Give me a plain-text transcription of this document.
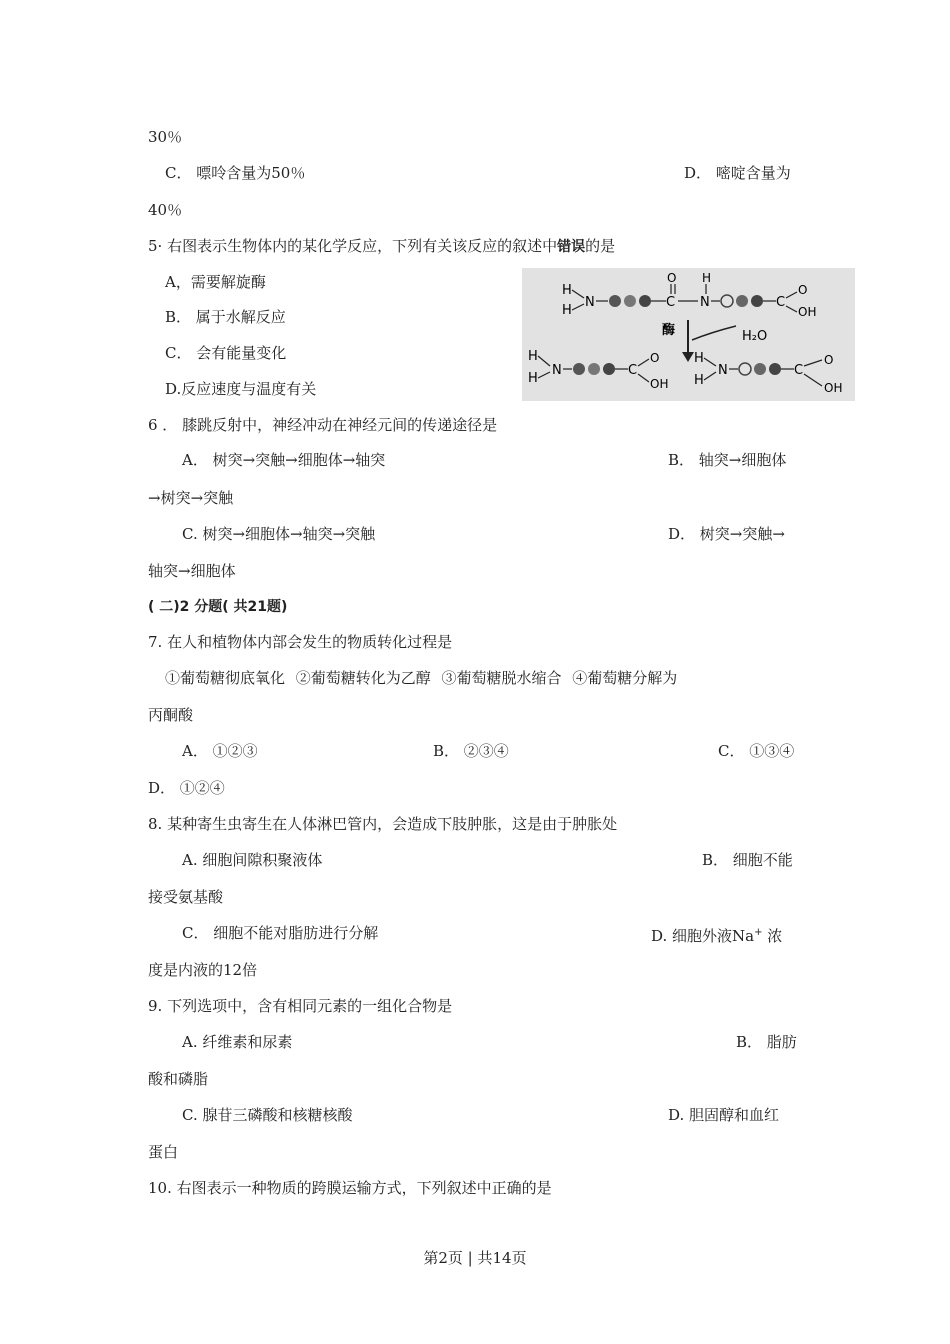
30％
C． 嘌呤含量为50％	D． 嘧啶含量为
40％
5· 右图表示生物体内的某化学反应，下列有关该反应的叙述中错误的是
A，需要解旋酶
B． 属于水解反应
C． 会有能量变化
D.反应速度与温度有关
H
H
N	C
O H
N	C
O
OH
酶	H₂O
H
H
N	C
O
OH
H
H
N	C
O
OH
6 ． 膝跳反射中，神经冲动在神经元间的传递途径是
A． 树突→突触→细胞体→轴突	B． 轴突→细胞体
→树突→突触
C. 树突→细胞体→轴突→突触	D． 树突→突触→
轴突→细胞体
( 二)2 分题( 共21题)
7. 在人和植物体内部会发生的物质转化过程是
①葡萄糖彻底氧化 ②葡萄糖转化为乙醇 ③葡萄糖脱水缩合 ④葡萄糖分解为
丙酮酸
A． ①②③	B． ②③④	C． ①③④
D． ①②④
8. 某种寄生虫寄生在人体淋巴管内，会造成下肢肿胀，这是由于肿胀处
A. 细胞间隙积聚液体	B． 细胞不能
接受氨基酸
C． 细胞不能对脂肪进行分解	D. 细胞外液Na+ 浓
度是内液的12倍
9. 下列选项中，含有相同元素的一组化合物是
A. 纤维素和尿素	B． 脂肪
酸和磷脂
C. 腺苷三磷酸和核糖核酸	D. 胆固醇和血红
蛋白
10. 右图表示一种物质的跨膜运输方式，下列叙述中正确的是
第2页 | 共14页
